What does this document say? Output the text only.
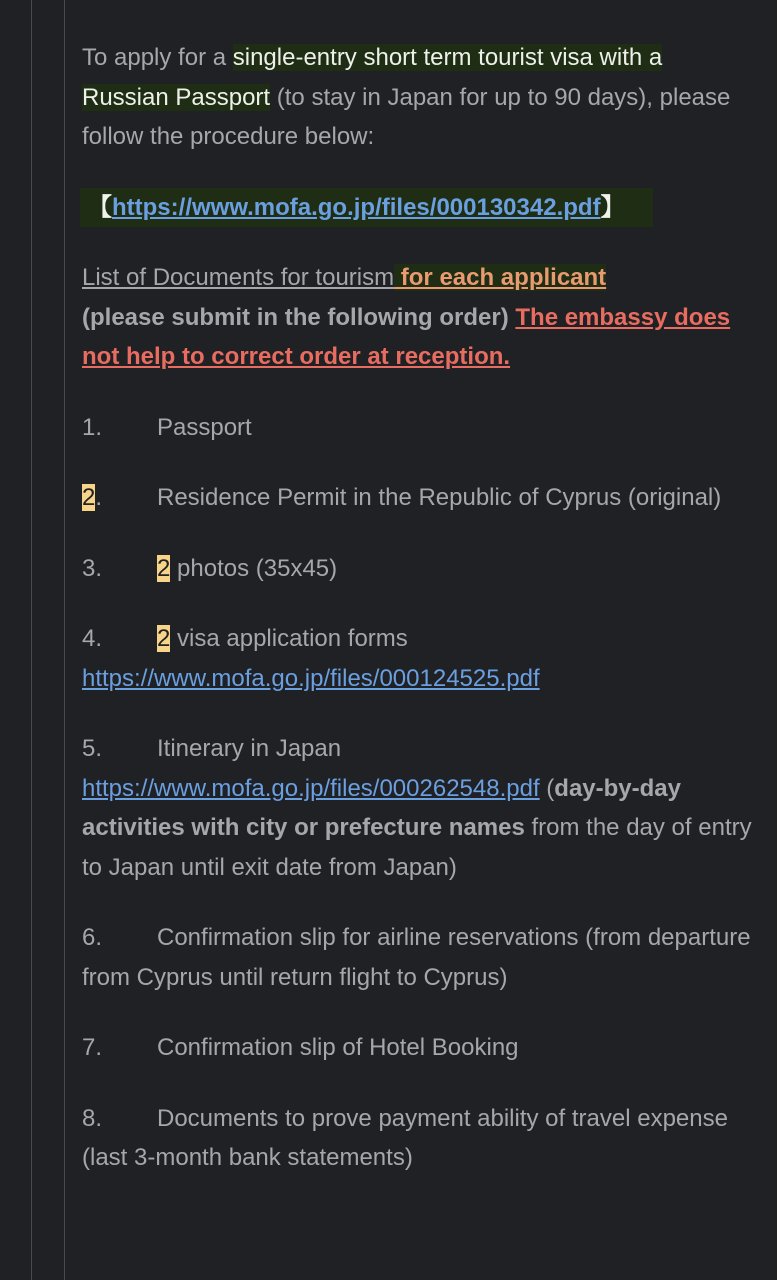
To apply for a single-entry short term tourist visa with a Russian Passport (to stay in Japan for up to 90 days), please follow the procedure below:

【https://www.mofa.go.jp/files/000130342.pdf】

List of Documents for tourism for each applicant
(please submit in the following order) The embassy does not help to correct order at reception.

1. Passport

2. Residence Permit in the Republic of Cyprus (original)

3. 2 photos (35x45)

4. 2 visa application forms https://www.mofa.go.jp/files/000124525.pdf

5. Itinerary in Japan https://www.mofa.go.jp/files/000262548.pdf (day-by-day activities with city or prefecture names from the day of entry to Japan until exit date from Japan)

6. Confirmation slip for airline reservations (from departure from Cyprus until return flight to Cyprus)

7. Confirmation slip of Hotel Booking

8. Documents to prove payment ability of travel expense (last 3-month bank statements)
